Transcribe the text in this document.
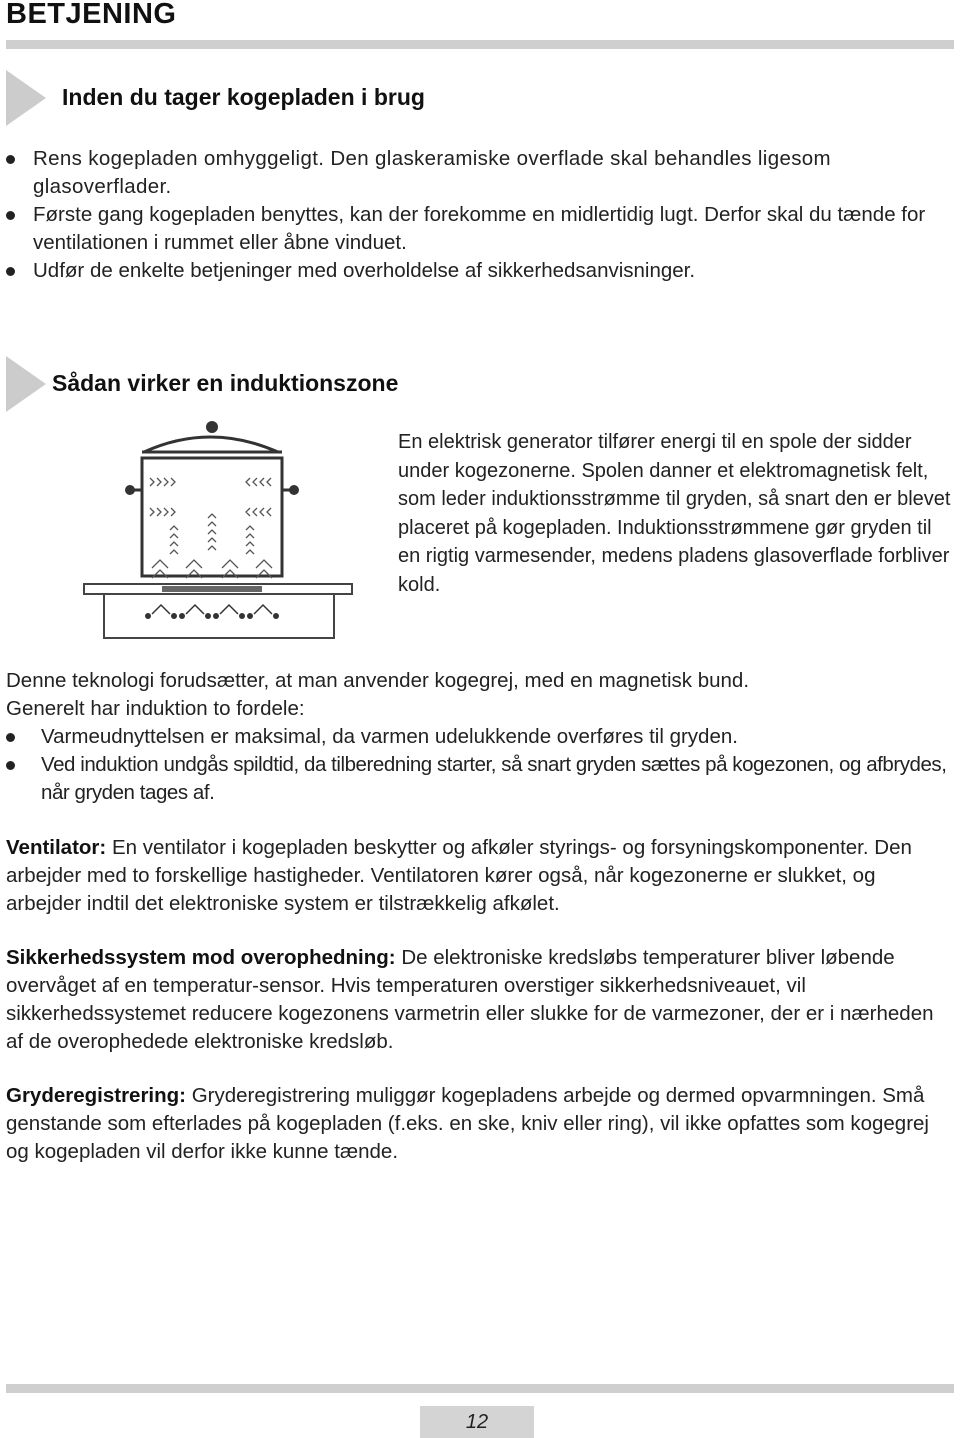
BETJENING
Inden du tager kogepladen i brug
Rens kogepladen omhyggeligt. Den glaskeramiske overflade skal behandles ligesom glasoverflader.
Første gang kogepladen benyttes, kan der forekomme en midlertidig lugt. Derfor skal du tænde for ventilationen i rummet eller åbne vinduet.
Udfør de enkelte betjeninger med overholdelse af sikkerhedsanvisninger.
Sådan virker en induktionszone
En elektrisk generator tilfører energi til en spole der sidder under kogezonerne. Spolen danner et elektromagnetisk felt, som leder induktionsstrømme til gryden, så snart den er blevet placeret på kogepladen. Induktionsstrømmene gør gryden til en rigtig varmesender, medens pladens glasoverflade forbliver kold.
Denne teknologi forudsætter, at man anvender kogegrej, med en magnetisk bund.
Generelt har induktion to fordele:
Varmeudnyttelsen er maksimal, da varmen udelukkende overføres til gryden.
Ved induktion undgås spildtid, da tilberedning starter, så snart gryden sættes på kogezonen, og afbrydes, når gryden tages af.
Ventilator: En ventilator i kogepladen beskytter og afkøler styrings- og forsyningskomponenter. Den arbejder med to forskellige hastigheder. Ventilatoren kører også, når kogezonerne er slukket, og arbejder indtil det elektroniske system er tilstrækkelig afkølet.
Sikkerhedssystem mod overophedning: De elektroniske kredsløbs temperaturer bliver løbende overvåget af en temperatur-sensor. Hvis temperaturen overstiger sikkerhedsniveauet, vil sikkerhedssystemet reducere kogezonens varmetrin eller slukke for de varmezoner, der er i nærheden af de overophedede elektroniske kredsløb.
Gryderegistrering: Gryderegistrering muliggør kogepladens arbejde og dermed opvarmningen. Små genstande som efterlades på kogepladen (f.eks. en ske, kniv eller ring), vil ikke opfattes som kogegrej og kogepladen vil derfor ikke kunne tænde.
12
